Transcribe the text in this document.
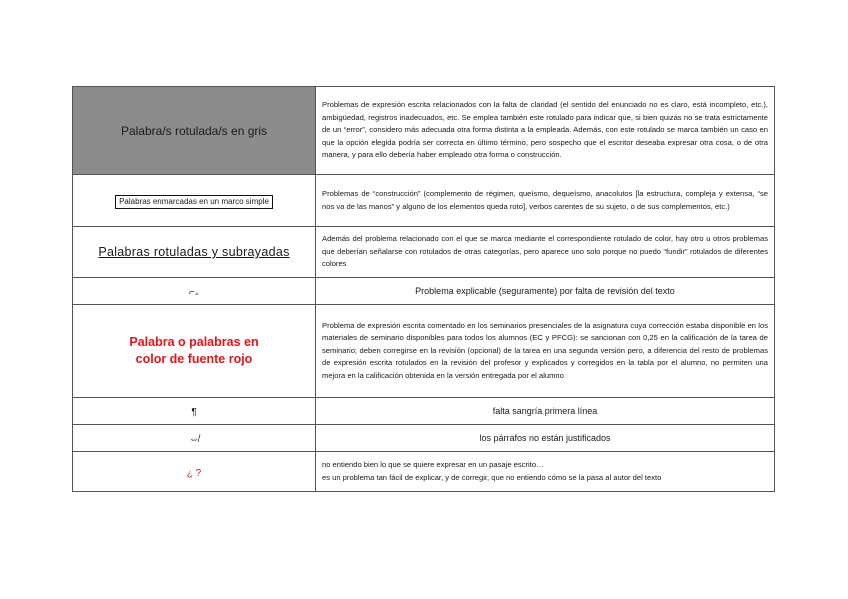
Palabra/s rotulada/s en gris	Problemas de expresión escrita relacionados con la falta de claridad (el sentido del enunciado no es claro, está incompleto, etc.), ambigüedad, registros inadecuados, etc. Se emplea también este rotulado para indicar que, si bien quizás no se trata estrictamente de un “error”, considero más adecuada otra forma distinta a la empleada. Además, con este rotulado se marca también un caso en que la opción elegida podría ser correcta en último término, pero sospecho que el escritor deseaba expresar otra cosa, o de otra manera, y para ello debería haber empleado otra forma o construcción.
Palabras enmarcadas en un marco simple	Problemas de “construcción” (complemento de régimen, queísmo, dequeísmo, anacolutos [la estructura, compleja y extensa, “se nos va de las manos” y alguno de los elementos queda roto], verbos carentes de su sujeto, o de sus complementos, etc.)
Palabras rotuladas y subrayadas	Además del problema relacionado con el que se marca mediante el correspondiente rotulado de color, hay otro u otros problemas que deberían señalarse con rotulados de otras categorías, pero aparece uno solo porque no puedo “fundir” rotulados de diferentes colores
⌐ಀ	Problema explicable (seguramente) por falta de revisión del texto

Palabra o palabras en
color de fuente rojo	Problema de expresión escrita comentado en los seminarios presenciales de la asignatura cuya corrección estaba disponible en los materiales de seminario disponibles para todos los alumnos (EC y PFCG): se sancionan con 0,25 en la calificación de la tarea de seminario; deben corregirse en la revisión (opcional) de la tarea en una segunda versión pero, a diferencia del resto de problemas de expresión escrita rotulados en la revisión del profesor y explicados y corregidos en la tabla por el alumno, no permiten una mejora en la calificación obtenida en la versión entregada por el alumno
¶	falta sangría primera línea
⇎	los párrafos no están justificados
¿ ?	no entiendo bien lo que se quiere expresar en un pasaje escrito…
es un problema tan fácil de explicar, y de corregir, que no entiendo cómo se la pasa al autor del texto
